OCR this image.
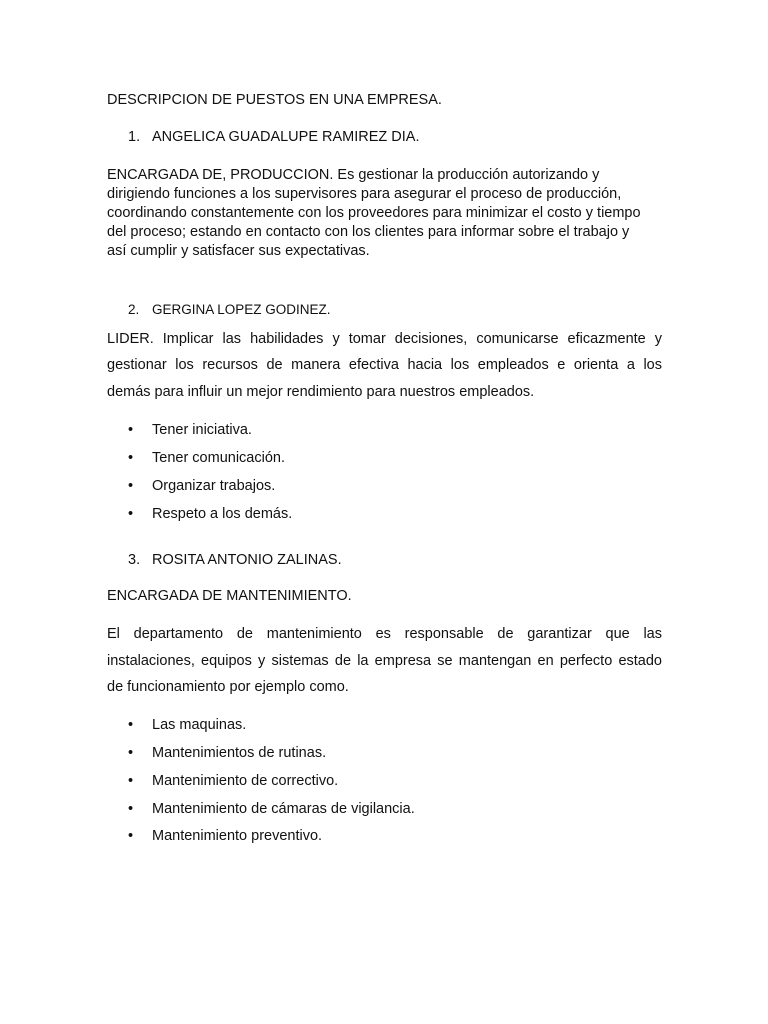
DESCRIPCION DE PUESTOS EN UNA EMPRESA.
1. ANGELICA GUADALUPE RAMIREZ DIA.
ENCARGADA DE, PRODUCCION. Es gestionar la producción autorizando y
dirigiendo funciones a los supervisores para asegurar el proceso de producción,
coordinando constantemente con los proveedores para minimizar el costo y tiempo
del proceso; estando en contacto con los clientes para informar sobre el trabajo y
así cumplir y satisfacer sus expectativas.
2. GERGINA LOPEZ GODINEZ.
LIDER. Implicar las habilidades y tomar decisiones, comunicarse eficazmente y
gestionar los recursos de manera efectiva hacia los empleados e orienta a los
demás para influir un mejor rendimiento para nuestros empleados.
• Tener iniciativa.
• Tener comunicación.
• Organizar trabajos.
• Respeto a los demás.
3. ROSITA ANTONIO ZALINAS.
ENCARGADA DE MANTENIMIENTO.
El departamento de mantenimiento es responsable de garantizar que las
instalaciones, equipos y sistemas de la empresa se mantengan en perfecto estado
de funcionamiento por ejemplo como.
• Las maquinas.
• Mantenimientos de rutinas.
• Mantenimiento de correctivo.
• Mantenimiento de cámaras de vigilancia.
• Mantenimiento preventivo.
